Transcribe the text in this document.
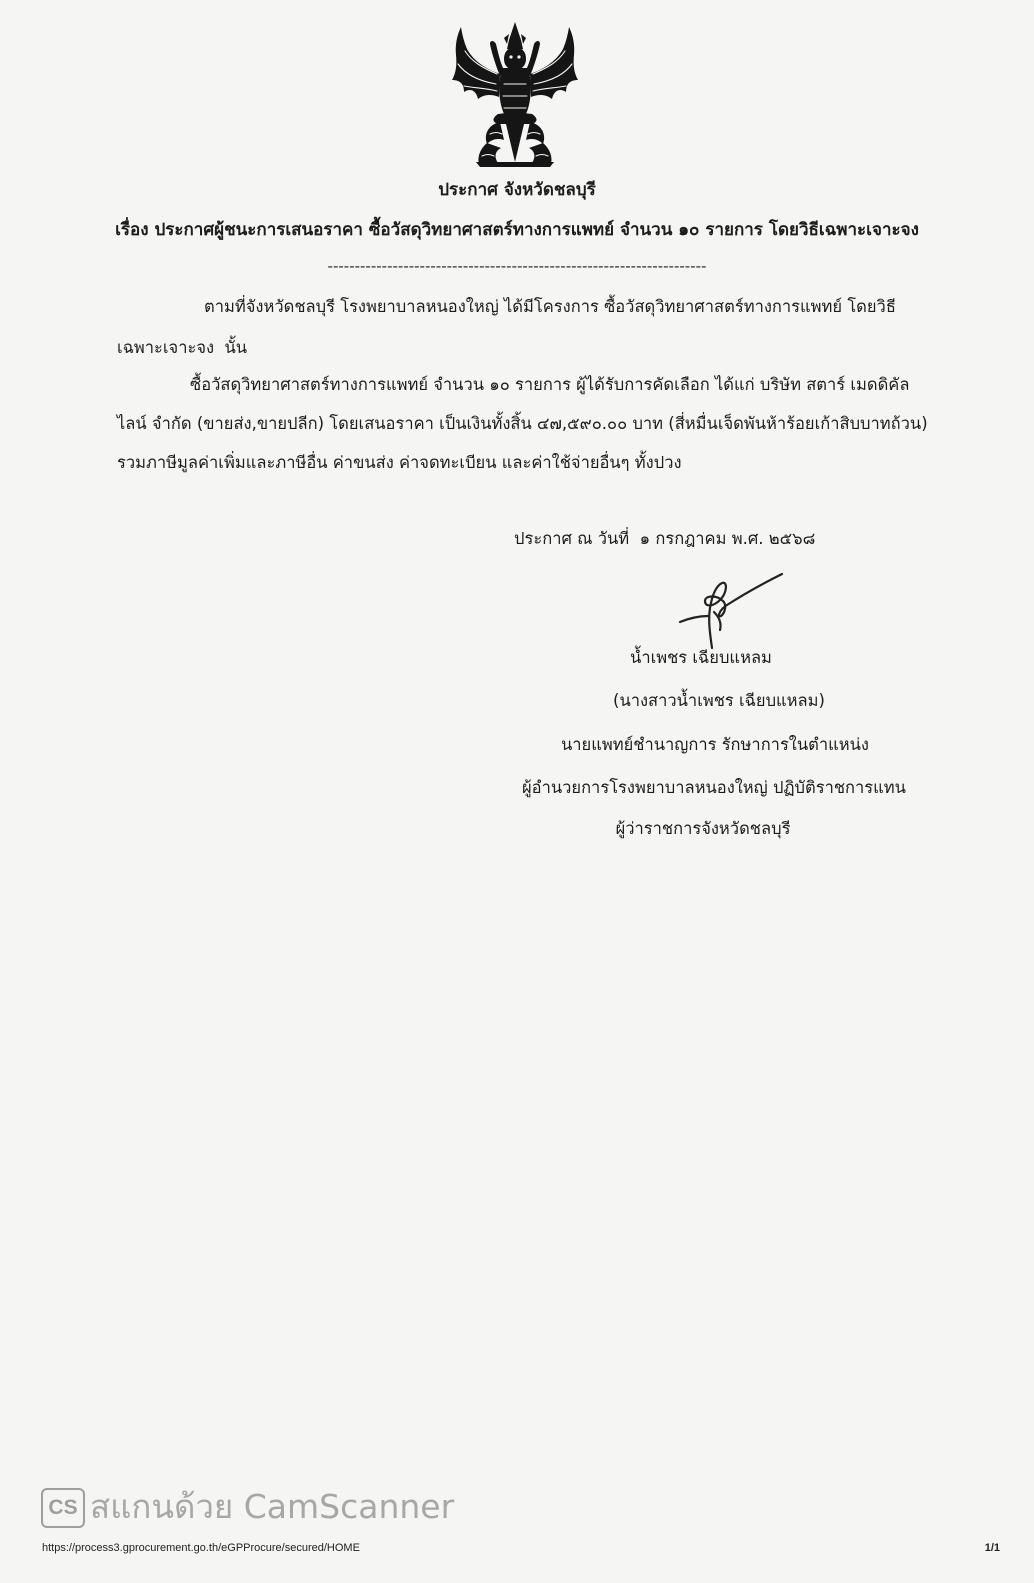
ประกาศ จังหวัดชลบุรี
เรื่อง ประกาศผู้ชนะการเสนอราคา ซื้อวัสดุวิทยาศาสตร์ทางการแพทย์ จำนวน ๑๐ รายการ โดยวิธีเฉพาะเจาะจง
----------------------------------------------------------------------
ตามที่จังหวัดชลบุรี โรงพยาบาลหนองใหญ่ ได้มีโครงการ ซื้อวัสดุวิทยาศาสตร์ทางการแพทย์ โดยวิธี
เฉพาะเจาะจง  นั้น
ซื้อวัสดุวิทยาศาสตร์ทางการแพทย์ จำนวน ๑๐ รายการ ผู้ได้รับการคัดเลือก ได้แก่ บริษัท สตาร์ เมดดิคัล
ไลน์ จำกัด (ขายส่ง,ขายปลีก) โดยเสนอราคา เป็นเงินทั้งสิ้น ๔๗,๕๙๐.๐๐ บาท (สี่หมื่นเจ็ดพันห้าร้อยเก้าสิบบาทถ้วน)
รวมภาษีมูลค่าเพิ่มและภาษีอื่น ค่าขนส่ง ค่าจดทะเบียน และค่าใช้จ่ายอื่นๆ ทั้งปวง
ประกาศ ณ วันที่  ๑ กรกฎาคม พ.ศ. ๒๕๖๘
น้ำเพชร เฉียบแหลม
(นางสาวน้ำเพชร เฉียบแหลม)
นายแพทย์ชำนาญการ รักษาการในตำแหน่ง
ผู้อำนวยการโรงพยาบาลหนองใหญ่ ปฏิบัติราชการแทน
ผู้ว่าราชการจังหวัดชลบุรี
CS สแกนด้วย CamScanner
https://process3.gprocurement.go.th/eGPProcure/secured/HOME	1/1
